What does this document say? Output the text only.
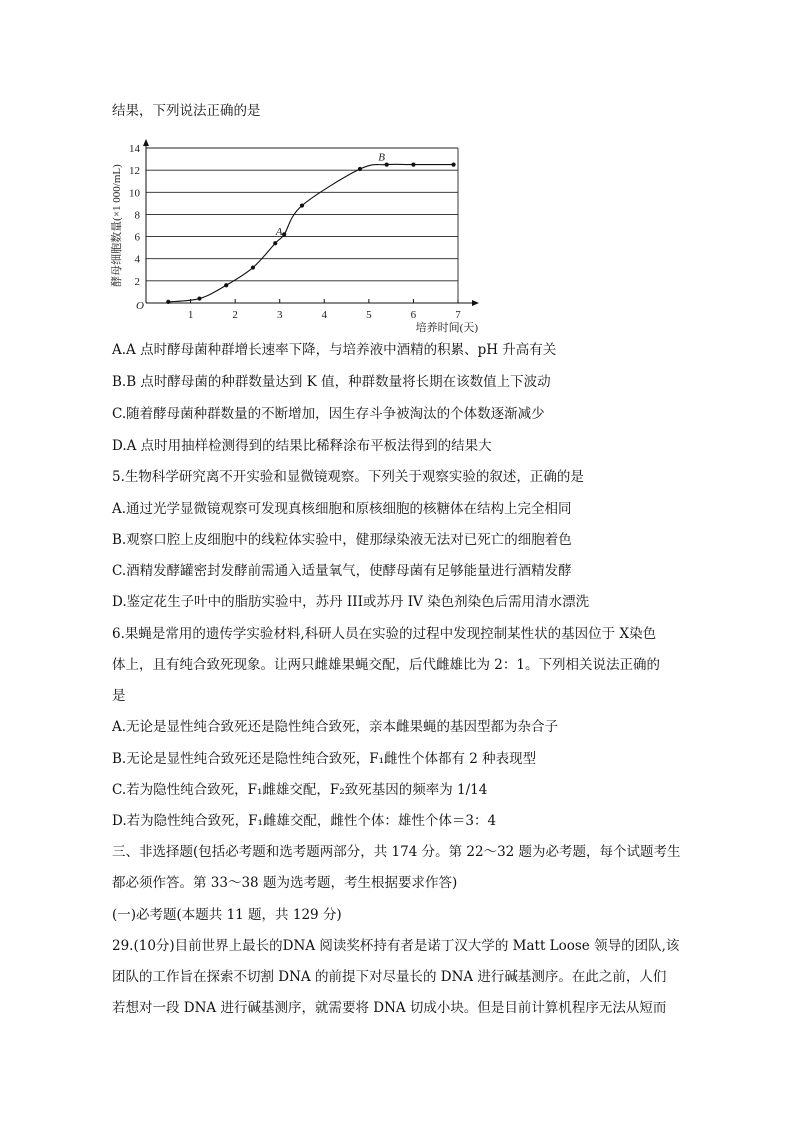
结果，下列说法正确的是
1	2	3	4	5	6	7
2
4
6
8
10
12
14
酵母细胞数量(×1 000/mL)
培养时间(天)
O
A
B
A.A 点时酵母菌种群增长速率下降，与培养液中酒精的积累、pH 升高有关
B.B 点时酵母菌的种群数量达到 K 值，种群数量将长期在该数值上下波动
C.随着酵母菌种群数量的不断增加，因生存斗争被淘汰的个体数逐渐减少
D.A 点时用抽样检测得到的结果比稀释涂布平板法得到的结果大
5.生物科学研究离不开实验和显微镜观察。下列关于观察实验的叙述，正确的是
A.通过光学显微镜观察可发现真核细胞和原核细胞的核糖体在结构上完全相同
B.观察口腔上皮细胞中的线粒体实验中，健那绿染液无法对已死亡的细胞着色
C.酒精发酵罐密封发酵前需通入适量氧气，使酵母菌有足够能量进行酒精发酵
D.鉴定花生子叶中的脂肪实验中，苏丹 III或苏丹 IV 染色剂染色后需用清水漂洗
6.果蝇是常用的遗传学实验材料,科研人员在实验的过程中发现控制某性状的基因位于 X染色
体上，且有纯合致死现象。让两只雌雄果蝇交配，后代雌雄比为 2：1。下列相关说法正确的
是
A.无论是显性纯合致死还是隐性纯合致死，亲本雌果蝇的基因型都为杂合子
B.无论是显性纯合致死还是隐性纯合致死，F₁雌性个体都有 2 种表现型
C.若为隐性纯合致死，F₁雌雄交配，F₂致死基因的频率为 1/14
D.若为隐性纯合致死，F₁雌雄交配，雌性个体：雄性个体＝3：4
三、非选择题(包括必考题和选考题两部分，共 174 分。第 22～32 题为必考题，每个试题考生
都必须作答。第 33～38 题为选考题，考生根据要求作答)
(一)必考题(本题共 11 题，共 129 分)
29.(10分)目前世界上最长的DNA 阅读奖杯持有者是诺丁汉大学的 Matt Loose 领导的团队,该
团队的工作旨在探索不切割 DNA 的前提下对尽量长的 DNA 进行碱基测序。在此之前，人们
若想对一段 DNA 进行碱基测序，就需要将 DNA 切成小块。但是目前计算机程序无法从短而
